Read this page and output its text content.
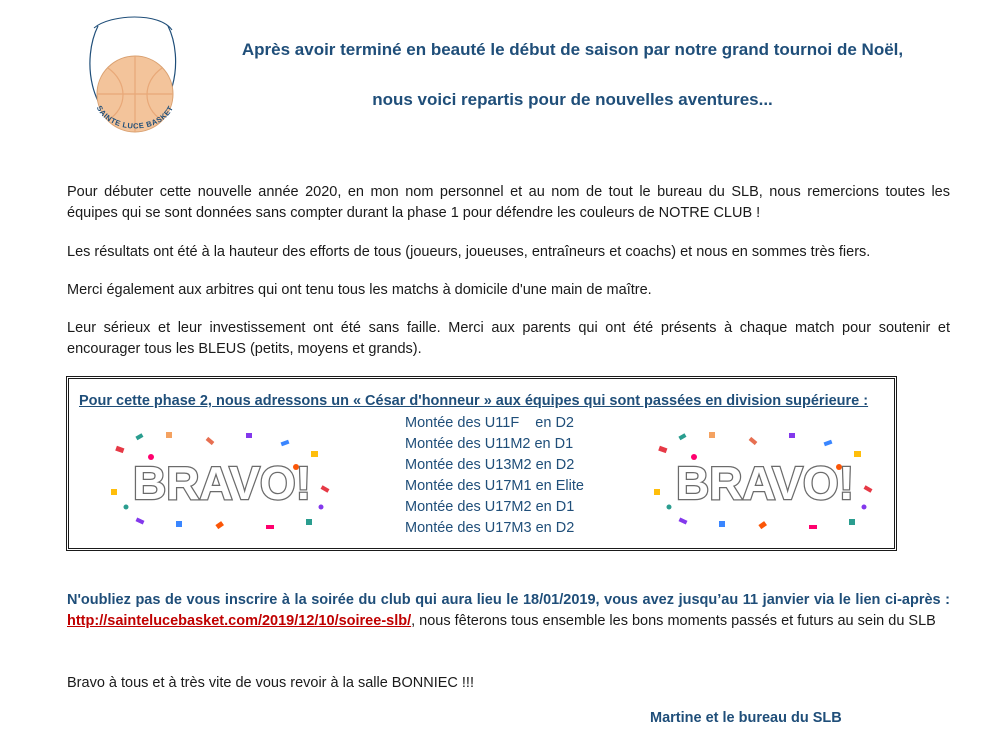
SAINTE LUCE BASKET
Après avoir terminé en beauté le début de saison par notre grand tournoi de Noël,
nous voici repartis pour de nouvelles aventures...
Pour débuter cette nouvelle année 2020, en mon nom personnel et au nom de tout le bureau du SLB, nous remercions toutes les équipes qui se sont données sans compter durant la phase 1 pour défendre les couleurs de NOTRE CLUB !
Les résultats ont été à la hauteur des efforts de tous (joueurs, joueuses, entraîneurs et coachs) et nous en sommes très fiers.
Merci également aux arbitres qui ont tenu tous les matchs à domicile d'une main de maître.
Leur sérieux et leur investissement ont été sans faille. Merci aux parents qui ont été présents à chaque match pour soutenir et encourager tous les BLEUS (petits, moyens et grands).
Pour cette phase 2, nous adressons un « César d'honneur » aux équipes qui sont passées en division supérieure :
Montée des U11F    en D2
Montée des U11M2 en D1
Montée des U13M2 en D2
Montée des U17M1 en Elite
Montée des U17M2 en D1
Montée des U17M3 en D2
BRAVO!	BRAVO!
N'oubliez pas de vous inscrire à la soirée du club qui aura lieu le 18/01/2019, vous avez jusqu’au 11 janvier via le lien ci-après : http://saintelucebasket.com/2019/12/10/soiree-slb/, nous fêterons tous ensemble les bons moments passés et futurs au sein du SLB
Bravo à tous et à très vite de vous revoir à la salle BONNIEC !!!
Martine et le bureau du SLB
